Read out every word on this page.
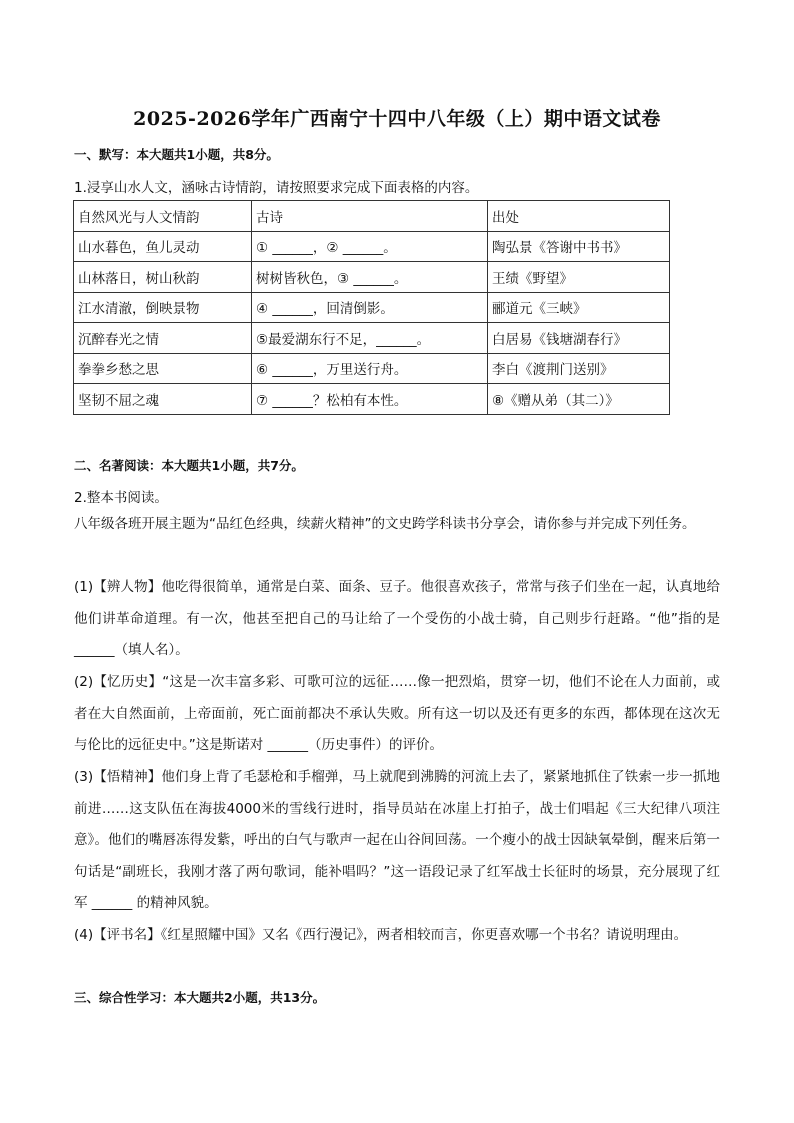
2025-2026学年广西南宁十四中八年级（上）期中语文试卷
一、默写：本大题共1小题，共8分。
1.浸享山水人文，涵咏古诗情韵，请按照要求完成下面表格的内容。
自然风光与人文情韵	古诗	出处
山水暮色，鱼儿灵动	① ______，② ______。	陶弘景《答谢中书书》
山林落日，树山秋韵	树树皆秋色，③ ______。	王绩《野望》
江水清澈，倒映景物	④ ______，回清倒影。	郦道元《三峡》
沉醉春光之情	⑤最爱湖东行不足，______。	白居易《钱塘湖春行》
拳拳乡愁之思	⑥ ______，万里送行舟。	李白《渡荆门送别》
坚韧不屈之魂	⑦ ______？松柏有本性。	⑧《赠从弟（其二）》
二、名著阅读：本大题共1小题，共7分。
2.整本书阅读。
八年级各班开展主题为“品红色经典，续薪火精神”的文史跨学科读书分享会，请你参与并完成下列任务。
(1)【辨人物】他吃得很简单，通常是白菜、面条、豆子。他很喜欢孩子，常常与孩子们坐在一起，认真地给他们讲革命道理。有一次，他甚至把自己的马让给了一个受伤的小战士骑，自己则步行赶路。“他”指的是 ______（填人名）。
(2)【忆历史】“这是一次丰富多彩、可歌可泣的远征……像一把烈焰，贯穿一切，他们不论在人力面前，或者在大自然面前，上帝面前，死亡面前都决不承认失败。所有这一切以及还有更多的东西，都体现在这次无与伦比的远征史中。”这是斯诺对 ______（历史事件）的评价。
(3)【悟精神】他们身上背了毛瑟枪和手榴弹，马上就爬到沸腾的河流上去了，紧紧地抓住了铁索一步一抓地前进……这支队伍在海拔4000米的雪线行进时，指导员站在冰崖上打拍子，战士们唱起《三大纪律八项注意》。他们的嘴唇冻得发紫，呼出的白气与歌声一起在山谷间回荡。一个瘦小的战士因缺氧晕倒，醒来后第一句话是“副班长，我刚才落了两句歌词，能补唱吗？”这一语段记录了红军战士长征时的场景，充分展现了红军 ______ 的精神风貌。
(4)【评书名】《红星照耀中国》又名《西行漫记》，两者相较而言，你更喜欢哪一个书名？请说明理由。
三、综合性学习：本大题共2小题，共13分。
